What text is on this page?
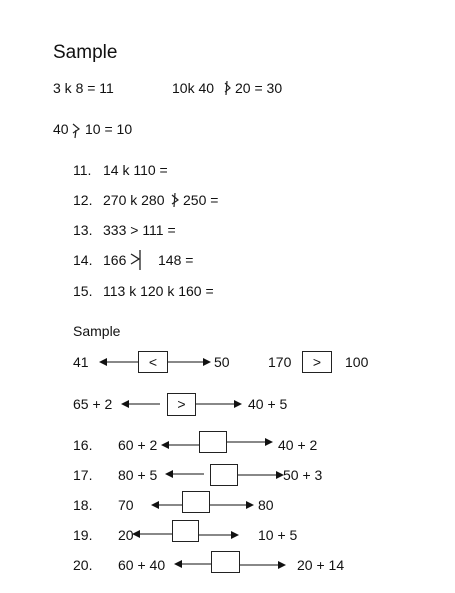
Sample
3 k 8 = 11	10k 40 20 = 30
40 10 = 10
11. 14 k 110 =
12. 270 k 280 250 =
13. 333 > 111 =
14. 166 148 =
15. 113 k 120 k 160 =
Sample
41	<	50	170	>	100
65 + 2	>	40 + 5
16. 60 + 2	40 + 2
17. 80 + 5	50 + 3
18. 70	80
19. 20	10 + 5
20. 60 + 40	20 + 14
